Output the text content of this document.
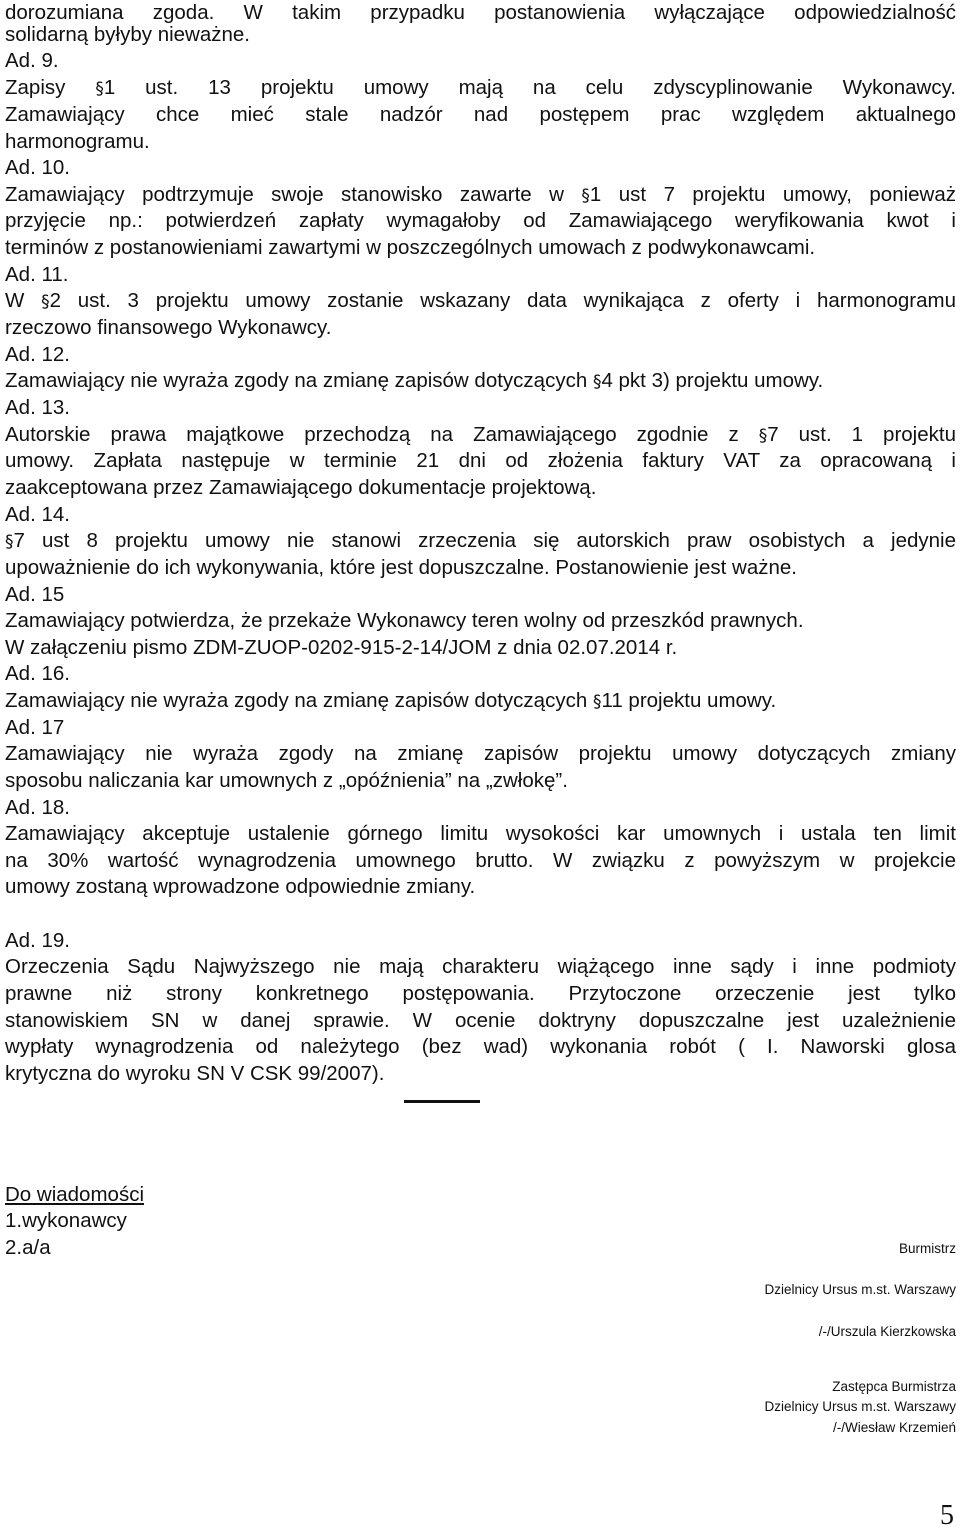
dorozumiana zgoda. W takim przypadku postanowienia wyłączające odpowiedzialność
solidarną byłyby nieważne.
Ad. 9.
Zapisy §1 ust. 13 projektu umowy mają na celu zdyscyplinowanie Wykonawcy.
Zamawiający chce mieć stale nadzór nad postępem prac względem aktualnego
harmonogramu.
Ad. 10.
Zamawiający podtrzymuje swoje stanowisko zawarte w §1 ust 7 projektu umowy, ponieważ
przyjęcie np.: potwierdzeń zapłaty wymagałoby od Zamawiającego weryfikowania kwot i
terminów z postanowieniami zawartymi w poszczególnych umowach z podwykonawcami.
Ad. 11.
W §2 ust. 3 projektu umowy zostanie wskazany data wynikająca z oferty i harmonogramu
rzeczowo finansowego Wykonawcy.
Ad. 12.
Zamawiający nie wyraża zgody na zmianę zapisów dotyczących §4 pkt 3) projektu umowy.
Ad. 13.
Autorskie prawa majątkowe przechodzą na Zamawiającego zgodnie z §7 ust. 1 projektu
umowy. Zapłata następuje w terminie 21 dni od złożenia faktury VAT za opracowaną i
zaakceptowana przez Zamawiającego dokumentacje projektową.
Ad. 14.
§7 ust 8 projektu umowy nie stanowi zrzeczenia się autorskich praw osobistych a jedynie
upoważnienie do ich wykonywania, które jest dopuszczalne. Postanowienie jest ważne.
Ad. 15
Zamawiający potwierdza, że przekaże Wykonawcy teren wolny od przeszkód prawnych.
W załączeniu pismo ZDM-ZUOP-0202-915-2-14/JOM z dnia 02.07.2014 r.
Ad. 16.
Zamawiający nie wyraża zgody na zmianę zapisów dotyczących §11 projektu umowy.
Ad. 17
Zamawiający nie wyraża zgody na zmianę zapisów projektu umowy dotyczących zmiany
sposobu naliczania kar umownych z „opóźnienia” na „zwłokę”.
Ad. 18.
Zamawiający akceptuje ustalenie górnego limitu wysokości kar umownych i ustala ten limit
na 30% wartość wynagrodzenia umownego brutto. W związku z powyższym w projekcie
umowy zostaną wprowadzone odpowiednie zmiany.
Ad. 19.
Orzeczenia Sądu Najwyższego nie mają charakteru wiążącego inne sądy i inne podmioty
prawne niż strony konkretnego postępowania. Przytoczone orzeczenie jest tylko
stanowiskiem SN w danej sprawie. W ocenie doktryny dopuszczalne jest uzależnienie
wypłaty wynagrodzenia od należytego (bez wad) wykonania robót ( I. Naworski glosa
krytyczna do wyroku SN V CSK 99/2007).
Do wiadomości
1.wykonawcy
2.a/a	Burmistrz
Dzielnicy Ursus m.st. Warszawy
/-/Urszula Kierzkowska
Zastępca Burmistrza
Dzielnicy Ursus m.st. Warszawy
/-/Wiesław Krzemień
5
